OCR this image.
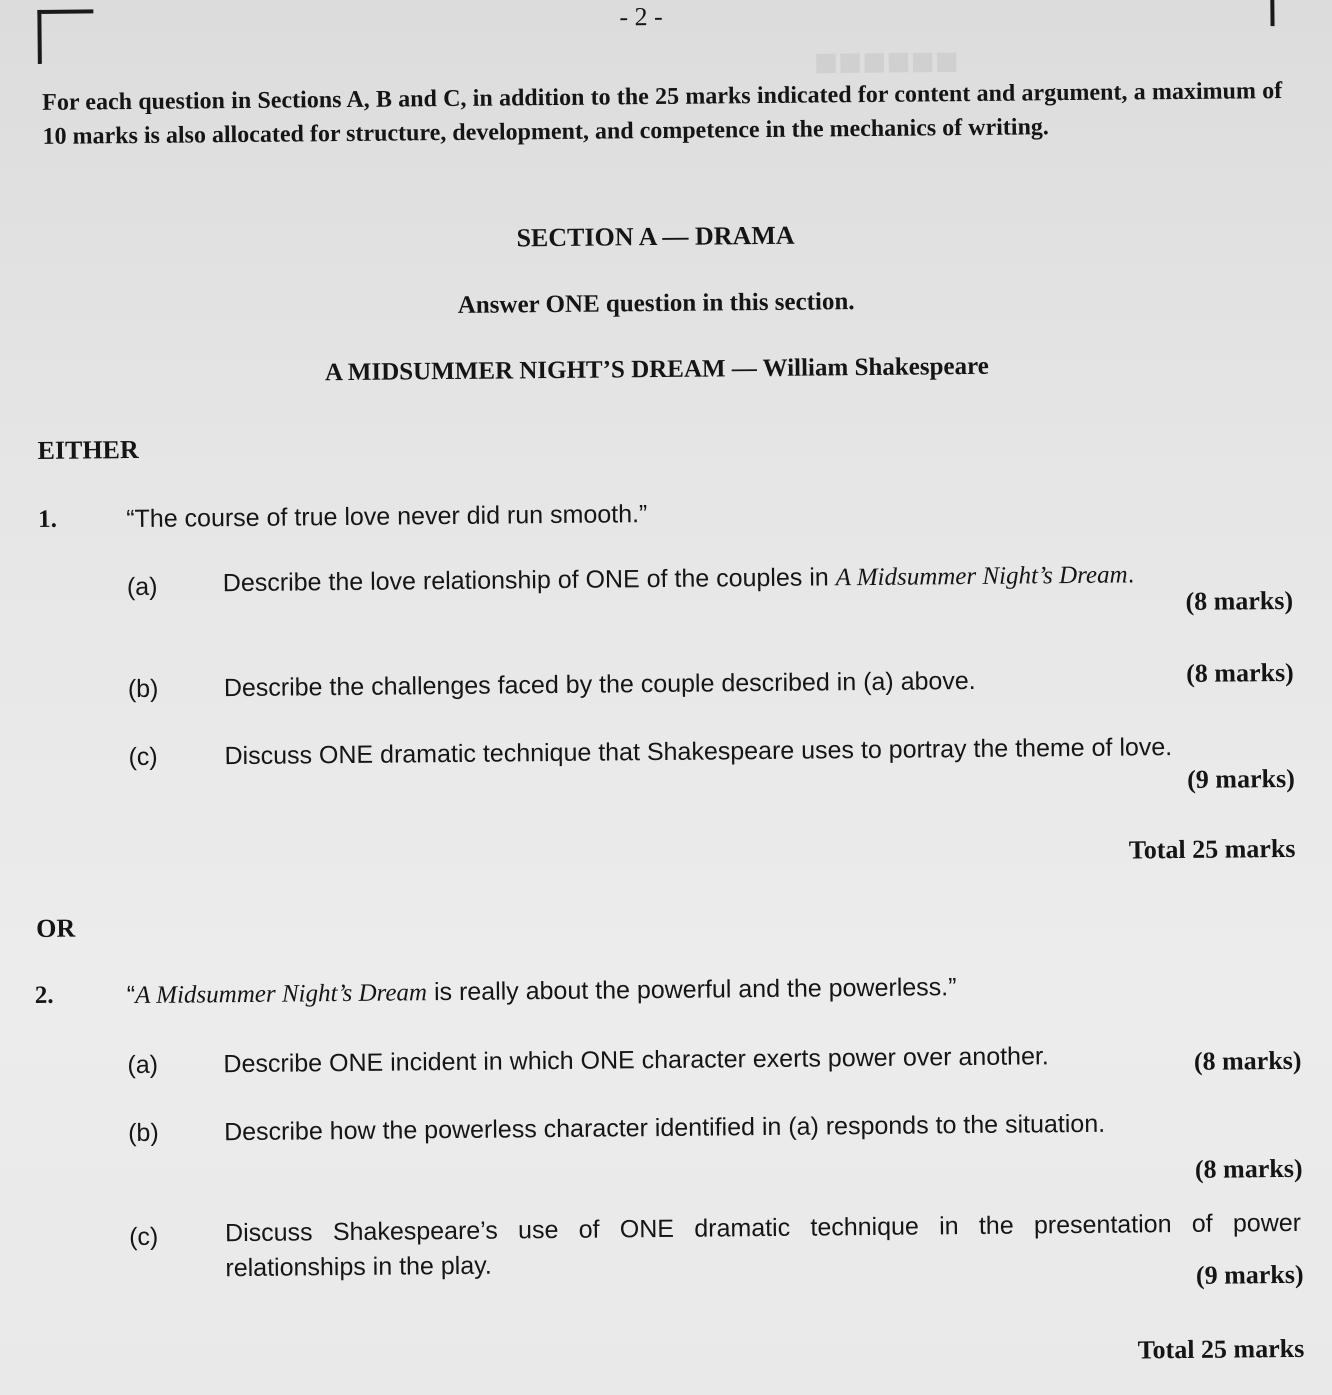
■■■■■■
- 2 -
For each question in Sections A, B and C, in addition to the 25 marks indicated for content and argument, a maximum of 10 marks is also allocated for structure, development, and competence in the mechanics of writing.
SECTION A — DRAMA
Answer ONE question in this section.
A MIDSUMMER NIGHT’S DREAM — William Shakespeare
EITHER
1.	“The course of true love never did run smooth.”
(a)	Describe the love relationship of ONE of the couples in A Midsummer Night’s Dream.
(8 marks)
(b)	Describe the challenges faced by the couple described in (a) above.	(8 marks)
(c)	Discuss ONE dramatic technique that Shakespeare uses to portray the theme of love.
(9 marks)
Total 25 marks
OR
2.	“A Midsummer Night’s Dream is really about the powerful and the powerless.”
(a)	Describe ONE incident in which ONE character exerts power over another.	(8 marks)
(b)	Describe how the powerless character identified in (a) responds to the situation.
(8 marks)
(c)	Discuss Shakespeare’s use of ONE dramatic technique in the presentation of power relationships in the play.	(9 marks)
Total 25 marks
